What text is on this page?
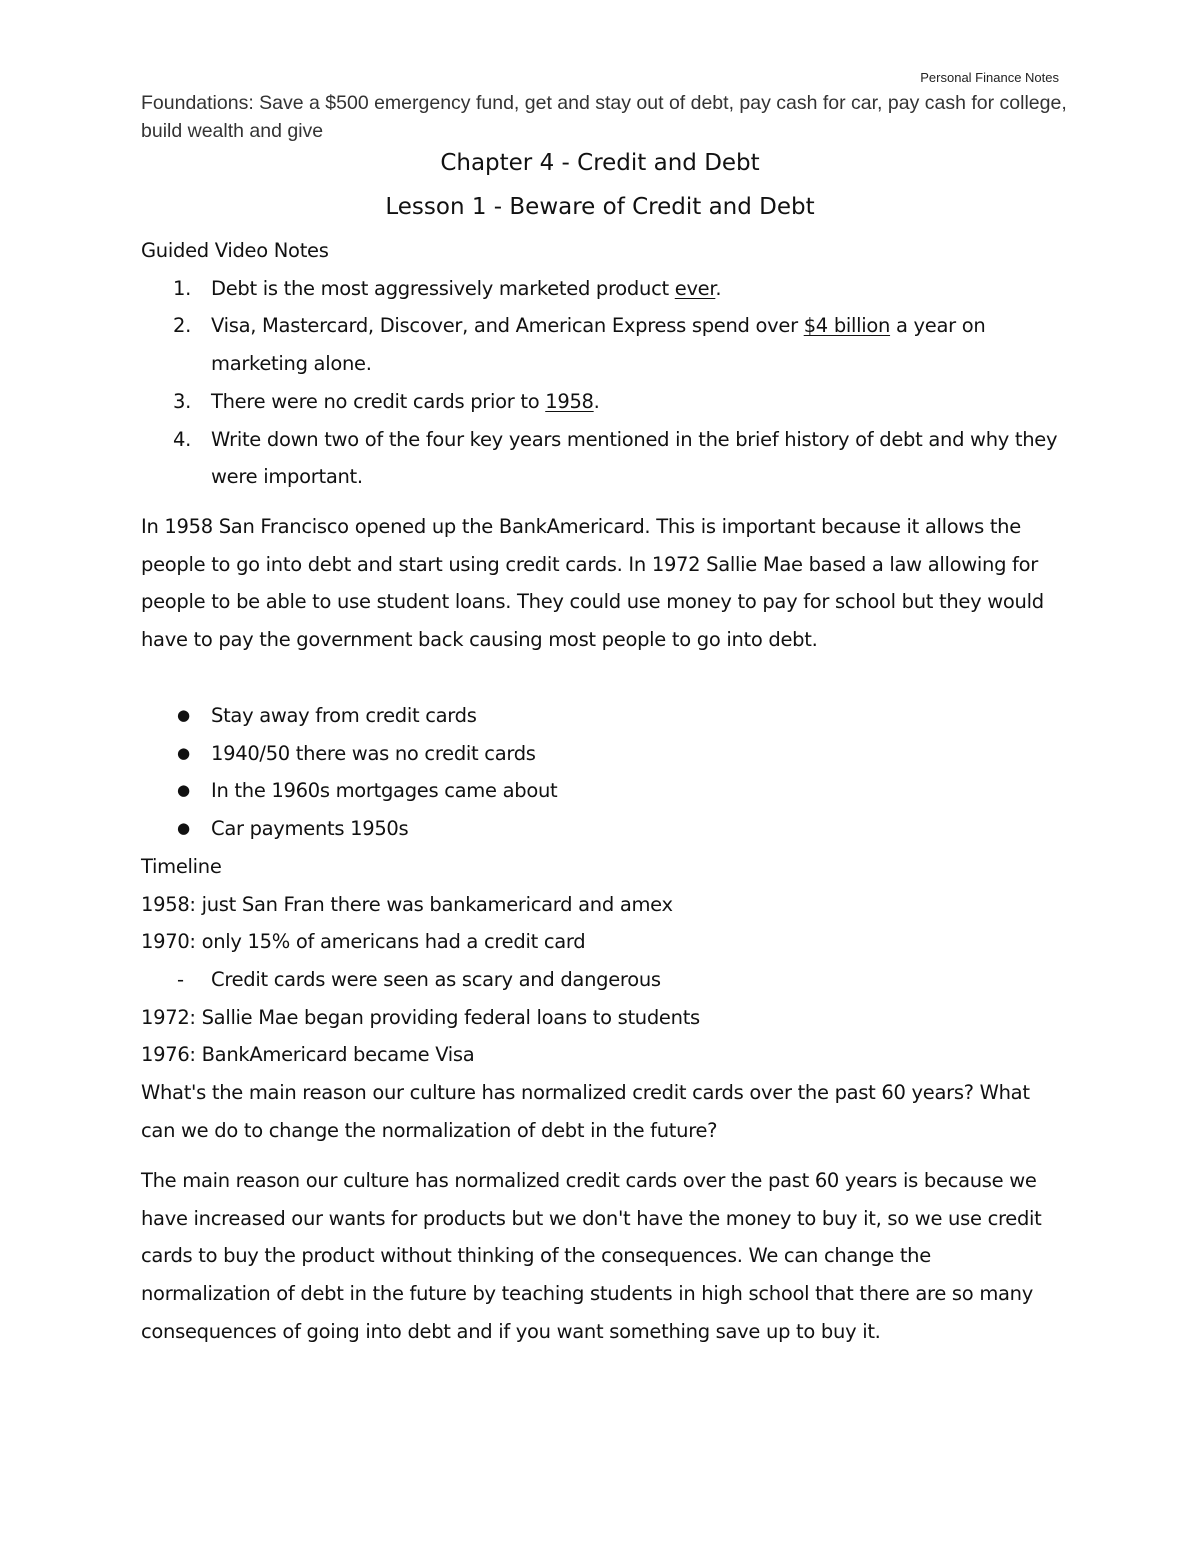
Personal Finance Notes
Foundations: Save a $500 emergency fund, get and stay out of debt, pay cash for car, pay cash for college, build wealth and give
Chapter 4 - Credit and Debt
Lesson 1 - Beware of Credit and Debt
Guided Video Notes
1. Debt is the most aggressively marketed product ever.
2. Visa, Mastercard, Discover, and American Express spend over $4 billion a year on marketing alone.
3. There were no credit cards prior to 1958.
4. Write down two of the four key years mentioned in the brief history of debt and why they were important.
In 1958 San Francisco opened up the BankAmericard. This is important because it allows the people to go into debt and start using credit cards. In 1972 Sallie Mae based a law allowing for people to be able to use student loans. They could use money to pay for school but they would have to pay the government back causing most people to go into debt.
● Stay away from credit cards
● 1940/50 there was no credit cards
● In the 1960s mortgages came about
● Car payments 1950s
Timeline
1958: just San Fran there was bankamericard and amex
1970: only 15% of americans had a credit card
- Credit cards were seen as scary and dangerous
1972: Sallie Mae began providing federal loans to students
1976: BankAmericard became Visa
What's the main reason our culture has normalized credit cards over the past 60 years? What can we do to change the normalization of debt in the future?
The main reason our culture has normalized credit cards over the past 60 years is because we have increased our wants for products but we don't have the money to buy it, so we use credit cards to buy the product without thinking of the consequences. We can change the normalization of debt in the future by teaching students in high school that there are so many consequences of going into debt and if you want something save up to buy it.
